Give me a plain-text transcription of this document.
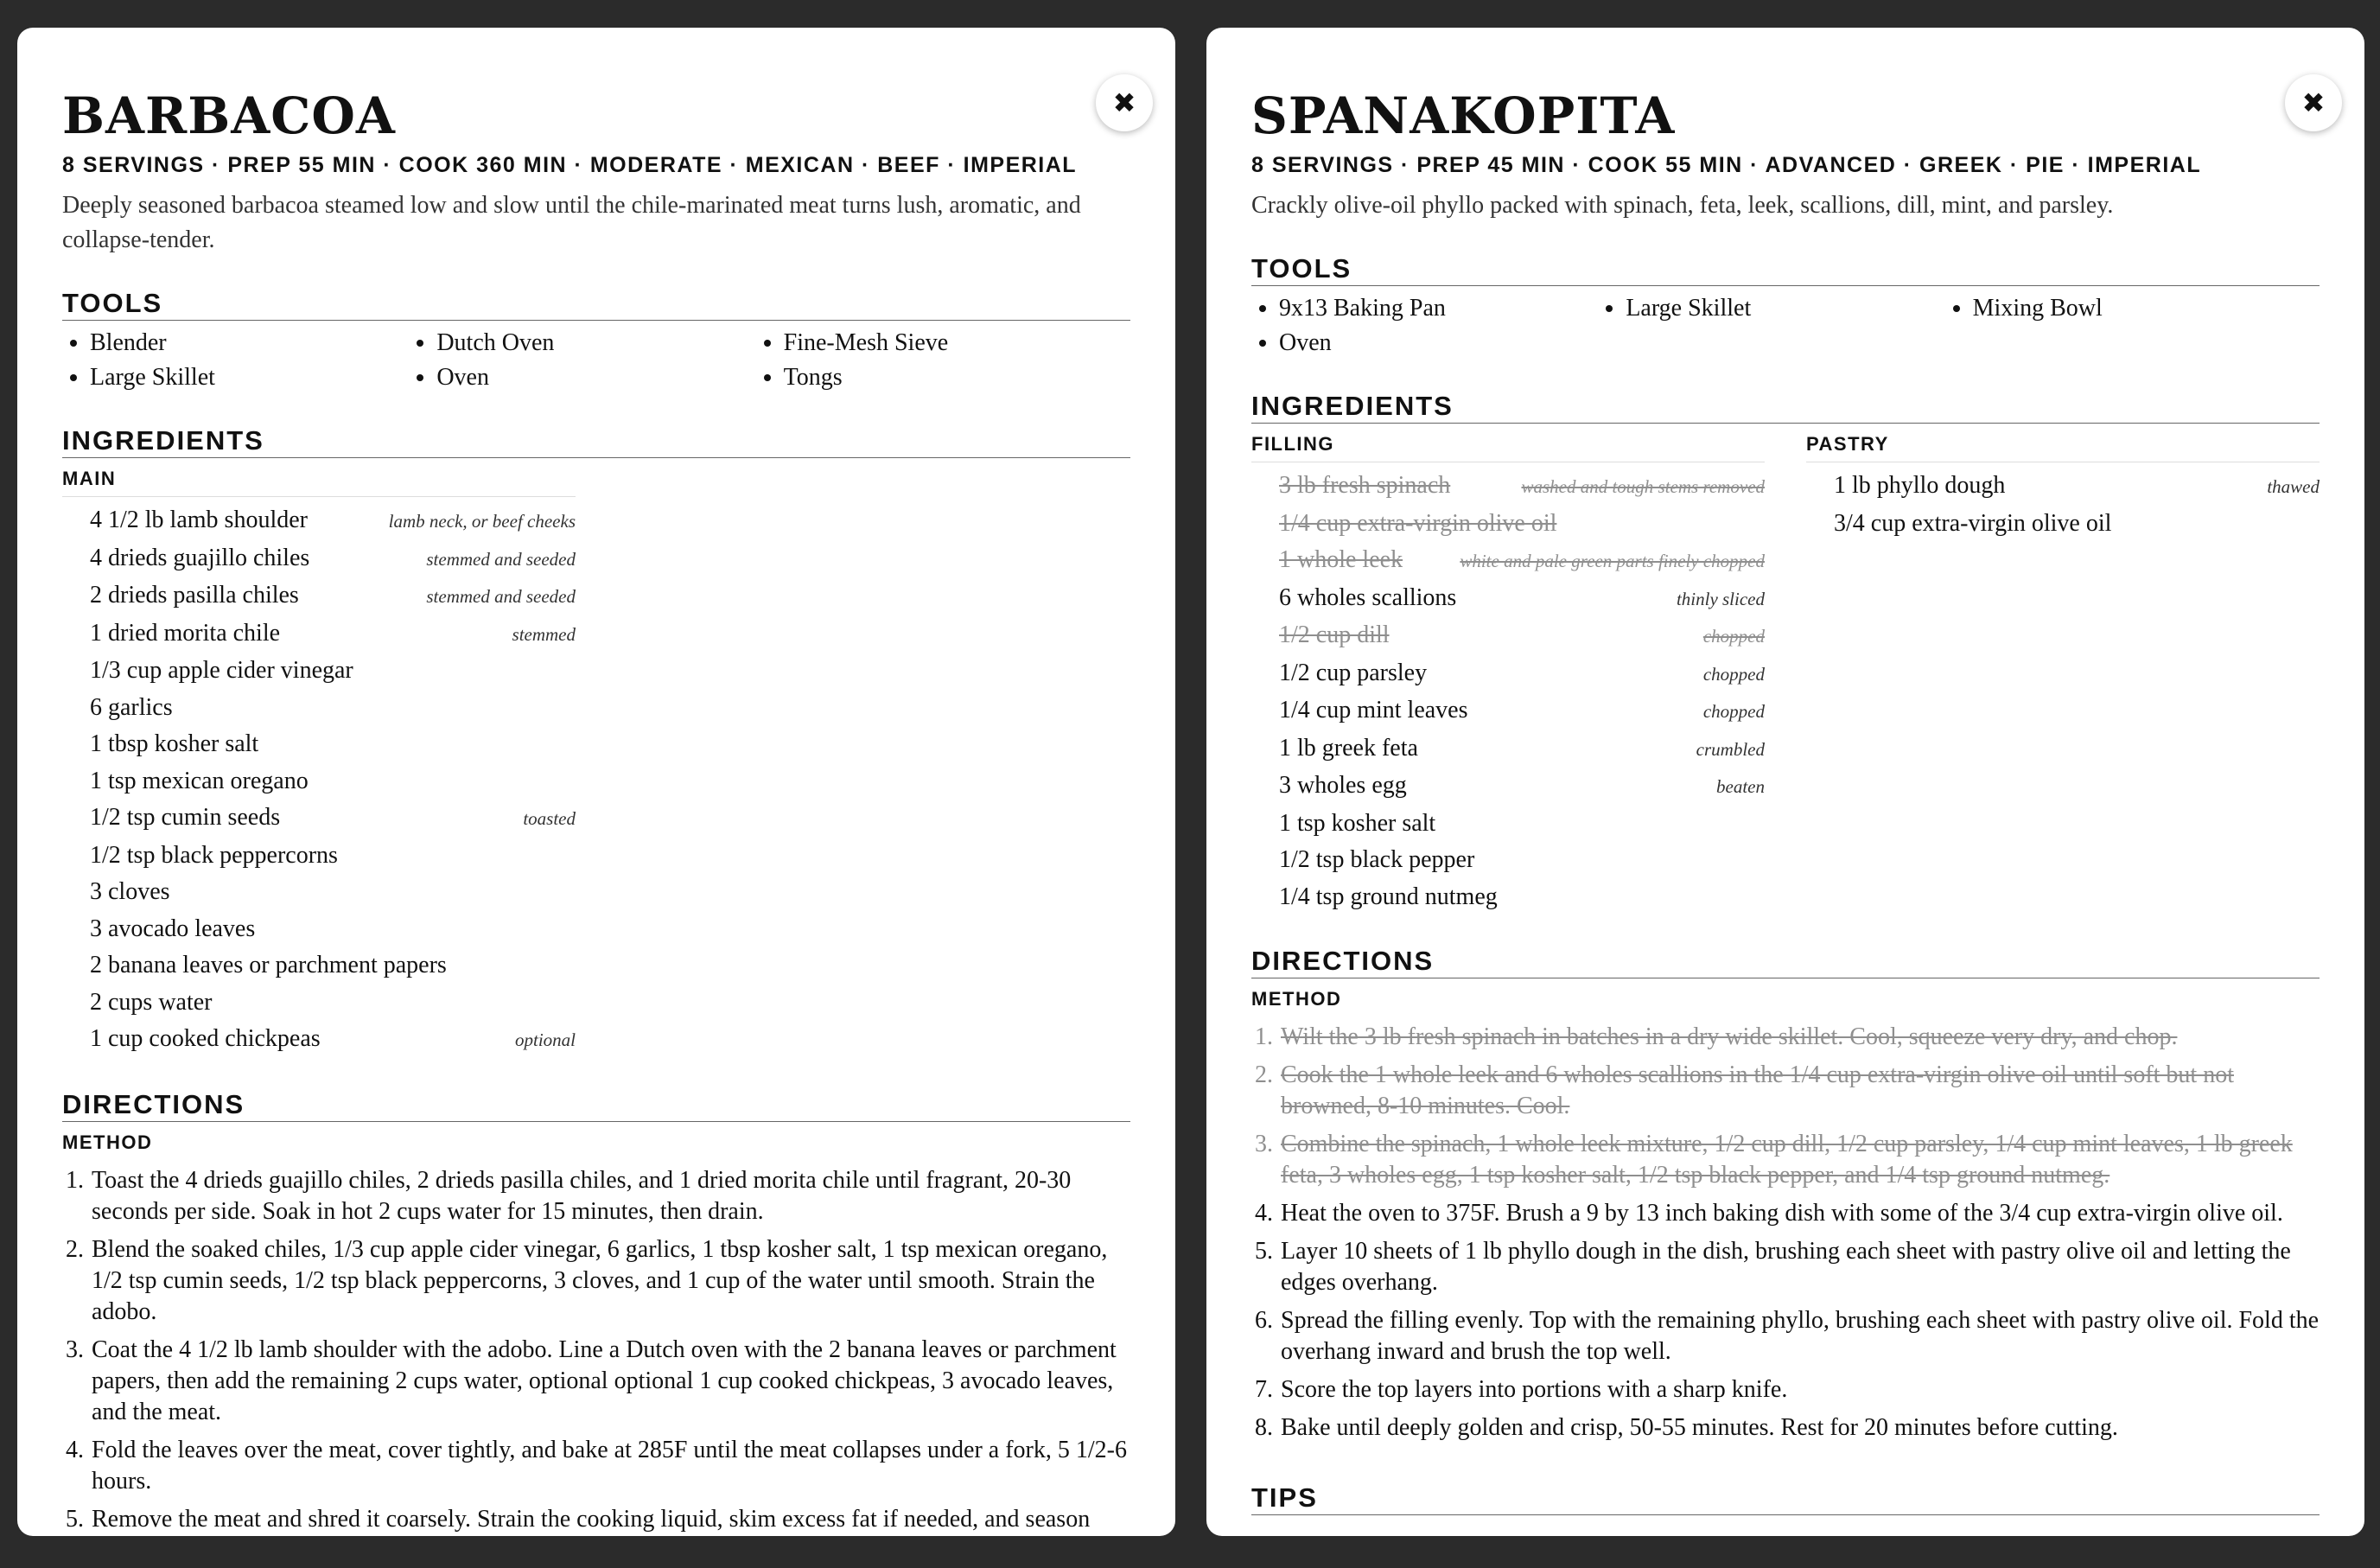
✖
BARBACOA
8 SERVINGS · PREP 55 MIN · COOK 360 MIN · MODERATE · MEXICAN · BEEF · IMPERIAL
Deeply seasoned barbacoa steamed low and slow until the chile-marinated meat turns lush, aromatic, and collapse-tender.
TOOLS
• Blender	• Dutch Oven	• Fine-Mesh Sieve
• Large Skillet	• Oven	• Tongs
INGREDIENTS
MAIN
4 1/2 lb lamb shoulder	lamb neck, or beef cheeks
4 drieds guajillo chiles	stemmed and seeded
2 drieds pasilla chiles	stemmed and seeded
1 dried morita chile	stemmed
1/3 cup apple cider vinegar
6 garlics
1 tbsp kosher salt
1 tsp mexican oregano
1/2 tsp cumin seeds	toasted
1/2 tsp black peppercorns
3 cloves
3 avocado leaves
2 banana leaves or parchment papers
2 cups water
1 cup cooked chickpeas	optional
DIRECTIONS
METHOD
1. Toast the 4 drieds guajillo chiles, 2 drieds pasilla chiles, and 1 dried morita chile until fragrant, 20-30 seconds per side. Soak in hot 2 cups water for 15 minutes, then drain.
2. Blend the soaked chiles, 1/3 cup apple cider vinegar, 6 garlics, 1 tbsp kosher salt, 1 tsp mexican oregano, 1/2 tsp cumin seeds, 1/2 tsp black peppercorns, 3 cloves, and 1 cup of the water until smooth. Strain the adobo.
3. Coat the 4 1/2 lb lamb shoulder with the adobo. Line a Dutch oven with the 2 banana leaves or parchment papers, then add the remaining 2 cups water, optional optional 1 cup cooked chickpeas, 3 avocado leaves, and the meat.
4. Fold the leaves over the meat, cover tightly, and bake at 285F until the meat collapses under a fork, 5 1/2-6 hours.
5. Remove the meat and shred it coarsely. Strain the cooking liquid, skim excess fat if needed, and season
✖
SPANAKOPITA
8 SERVINGS · PREP 45 MIN · COOK 55 MIN · ADVANCED · GREEK · PIE · IMPERIAL
Crackly olive-oil phyllo packed with spinach, feta, leek, scallions, dill, mint, and parsley.
TOOLS
• 9x13 Baking Pan	• Large Skillet	• Mixing Bowl
• Oven
INGREDIENTS
FILLING
3 lb fresh spinach	washed and tough stems removed
1/4 cup extra-virgin olive oil
1 whole leek	white and pale green parts finely chopped
6 wholes scallions	thinly sliced
1/2 cup dill	chopped
1/2 cup parsley	chopped
1/4 cup mint leaves	chopped
1 lb greek feta	crumbled
3 wholes egg	beaten
1 tsp kosher salt
1/2 tsp black pepper
1/4 tsp ground nutmeg
PASTRY
1 lb phyllo dough	thawed
3/4 cup extra-virgin olive oil
DIRECTIONS
METHOD
1. Wilt the 3 lb fresh spinach in batches in a dry wide skillet. Cool, squeeze very dry, and chop.
2. Cook the 1 whole leek and 6 wholes scallions in the 1/4 cup extra-virgin olive oil until soft but not browned, 8-10 minutes. Cool.
3. Combine the spinach, 1 whole leek mixture, 1/2 cup dill, 1/2 cup parsley, 1/4 cup mint leaves, 1 lb greek feta, 3 wholes egg, 1 tsp kosher salt, 1/2 tsp black pepper, and 1/4 tsp ground nutmeg.
4. Heat the oven to 375F. Brush a 9 by 13 inch baking dish with some of the 3/4 cup extra-virgin olive oil.
5. Layer 10 sheets of 1 lb phyllo dough in the dish, brushing each sheet with pastry olive oil and letting the edges overhang.
6. Spread the filling evenly. Top with the remaining phyllo, brushing each sheet with pastry olive oil. Fold the overhang inward and brush the top well.
7. Score the top layers into portions with a sharp knife.
8. Bake until deeply golden and crisp, 50-55 minutes. Rest for 20 minutes before cutting.
TIPS
